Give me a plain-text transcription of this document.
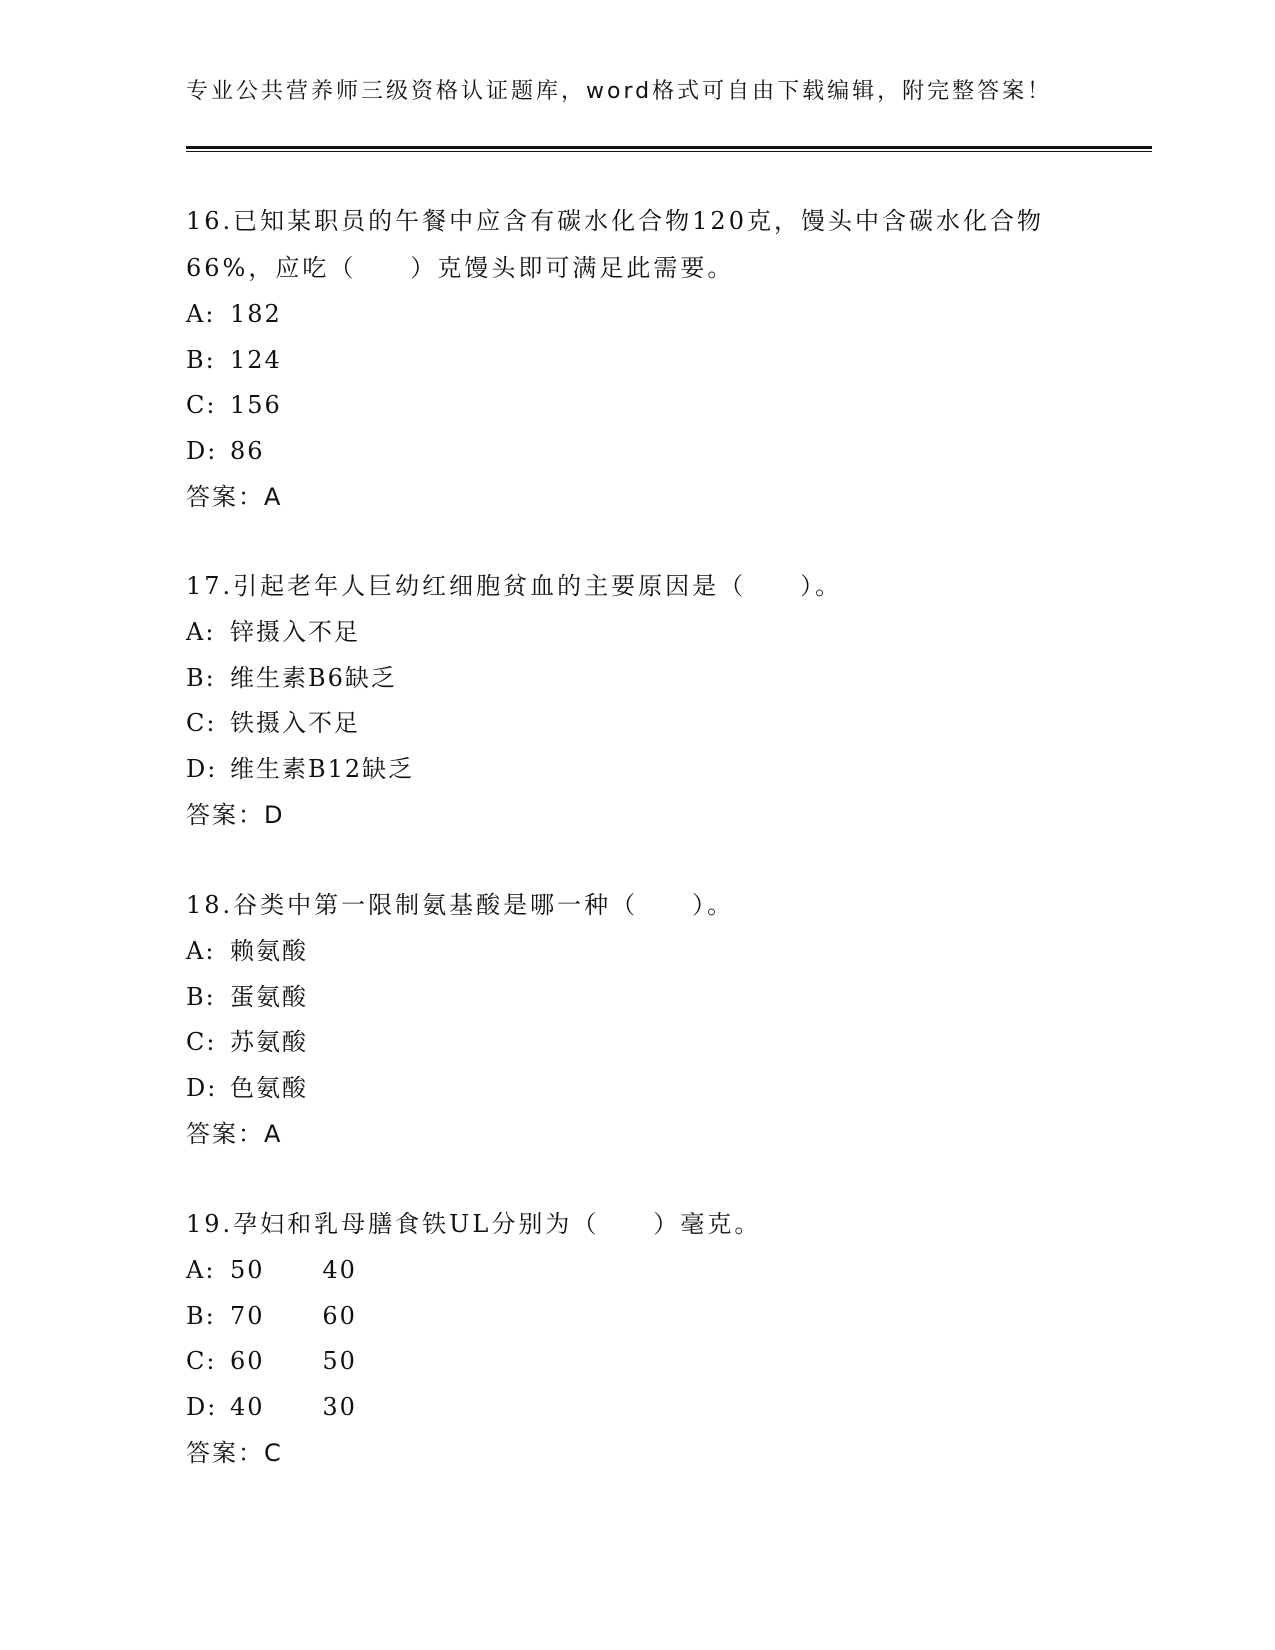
专业公共营养师三级资格认证题库，word格式可自由下载编辑，附完整答案！

16.已知某职员的午餐中应含有碳水化合物120克，馒头中含碳水化合物66%，应吃（　　）克馒头即可满足此需要。

A: 182
B: 124
C: 156
D: 86
答案：A

17.引起老年人巨幼红细胞贫血的主要原因是（　　）。

A: 锌摄入不足
B: 维生素B6缺乏
C: 铁摄入不足
D: 维生素B12缺乏
答案：D

18.谷类中第一限制氨基酸是哪一种（　　）。

A: 赖氨酸
B: 蛋氨酸
C: 苏氨酸
D: 色氨酸
答案：A

19.孕妇和乳母膳食铁UL分别为（　　）毫克。

A: 50      40
B: 70      60
C: 60      50
D: 40      30
答案：C
